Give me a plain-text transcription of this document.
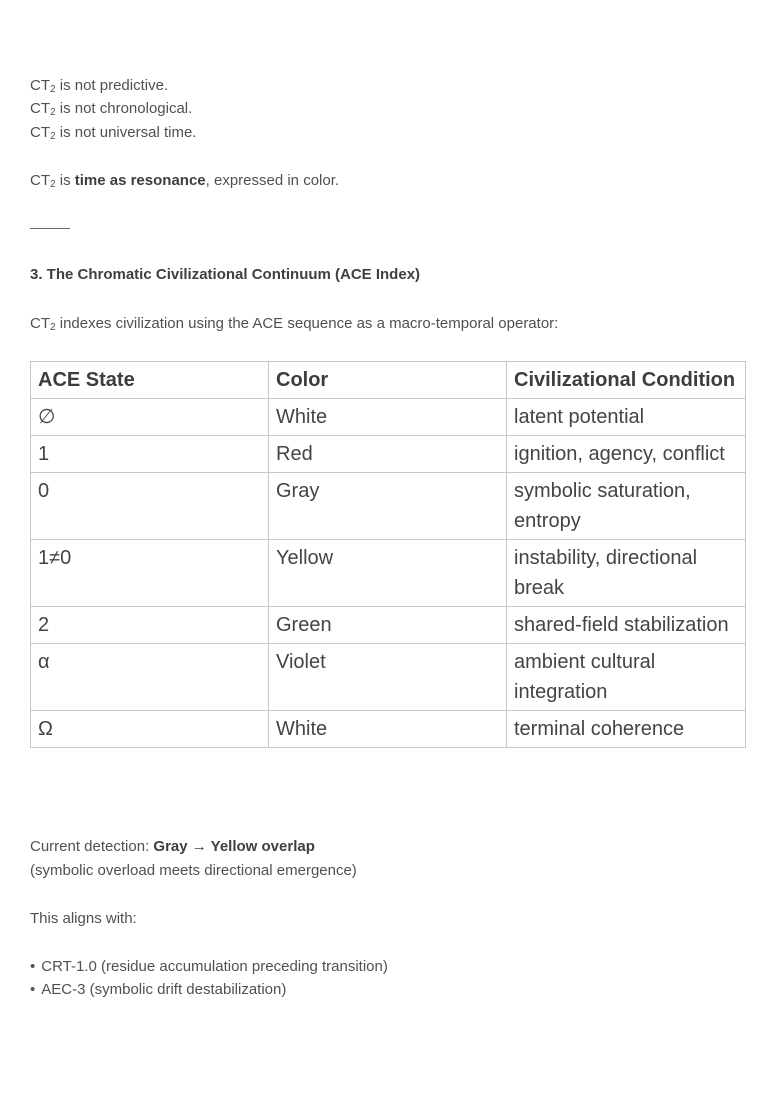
$CT_2$ is not predictive.
$CT_2$ is not chronological.
$CT_2$ is not universal time.
$CT_2$ is time as resonance, expressed in color.
3. The Chromatic Civilizational Continuum (ACE Index)
$CT_2$ indexes civilization using the ACE sequence as a macro-temporal operator:
ACE State	Color	Civilizational Condition
∅	White	latent potential
1	Red	ignition, agency, conflict
0	Gray	symbolic saturation, entropy
1≠0	Yellow	instability, directional break
2	Green	shared-field stabilization
α	Violet	ambient cultural integration
Ω	White	terminal coherence
Current detection: Gray → Yellow overlap
(symbolic overload meets directional emergence)
This aligns with:
• CRT-1.0 (residue accumulation preceding transition)
• AEC-3 (symbolic drift destabilization)
